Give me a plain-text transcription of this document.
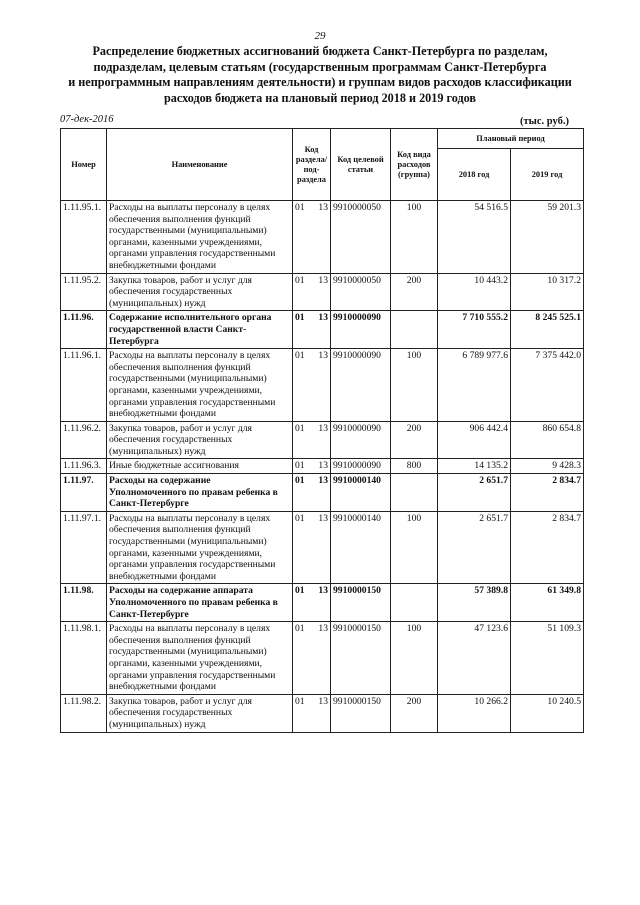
29
Распределение бюджетных ассигнований бюджета Санкт-Петербурга по разделам,
подразделам, целевым статьям (государственным программам Санкт-Петербурга
и непрограммным направлениям деятельности) и группам видов расходов классификации
расходов бюджета на плановый период 2018 и 2019 годов
07-дек-2016	(тыс. руб.)
Номер	Наименование	Код раздела/ под- раздела	Код целевой статьи	Код вида расходов (группа)	Плановый период	
					2018 год	2019 год
1.11.95.1.	Расходы на выплаты персоналу в целях обеспечения выполнения функций государственными (муниципальными) органами, казенными учреждениями, органами управления государственными внебюджетными фондами	01 13	9910000050	100	54 516.5	59 201.3
1.11.95.2.	Закупка товаров, работ и услуг для обеспечения государственных (муниципальных) нужд	01 13	9910000050	200	10 443.2	10 317.2
1.11.96.	Содержание исполнительного органа государственной власти Санкт-Петербурга	01 13	9910000090		7 710 555.2	8 245 525.1
1.11.96.1.	Расходы на выплаты персоналу в целях обеспечения выполнения функций государственными (муниципальными) органами, казенными учреждениями, органами управления государственными внебюджетными фондами	01 13	9910000090	100	6 789 977.6	7 375 442.0
1.11.96.2.	Закупка товаров, работ и услуг для обеспечения государственных (муниципальных) нужд	01 13	9910000090	200	906 442.4	860 654.8
1.11.96.3.	Иные бюджетные ассигнования	01 13	9910000090	800	14 135.2	9 428.3
1.11.97.	Расходы на содержание Уполномоченного по правам ребенка в Санкт-Петербурге	01 13	9910000140		2 651.7	2 834.7
1.11.97.1.	Расходы на выплаты персоналу в целях обеспечения выполнения функций государственными (муниципальными) органами, казенными учреждениями, органами управления государственными внебюджетными фондами	01 13	9910000140	100	2 651.7	2 834.7
1.11.98.	Расходы на содержание аппарата Уполномоченного по правам ребенка в Санкт-Петербурге	01 13	9910000150		57 389.8	61 349.8
1.11.98.1.	Расходы на выплаты персоналу в целях обеспечения выполнения функций государственными (муниципальными) органами, казенными учреждениями, органами управления государственными внебюджетными фондами	01 13	9910000150	100	47 123.6	51 109.3
1.11.98.2.	Закупка товаров, работ и услуг для обеспечения государственных (муниципальных) нужд	01 13	9910000150	200	10 266.2	10 240.5
